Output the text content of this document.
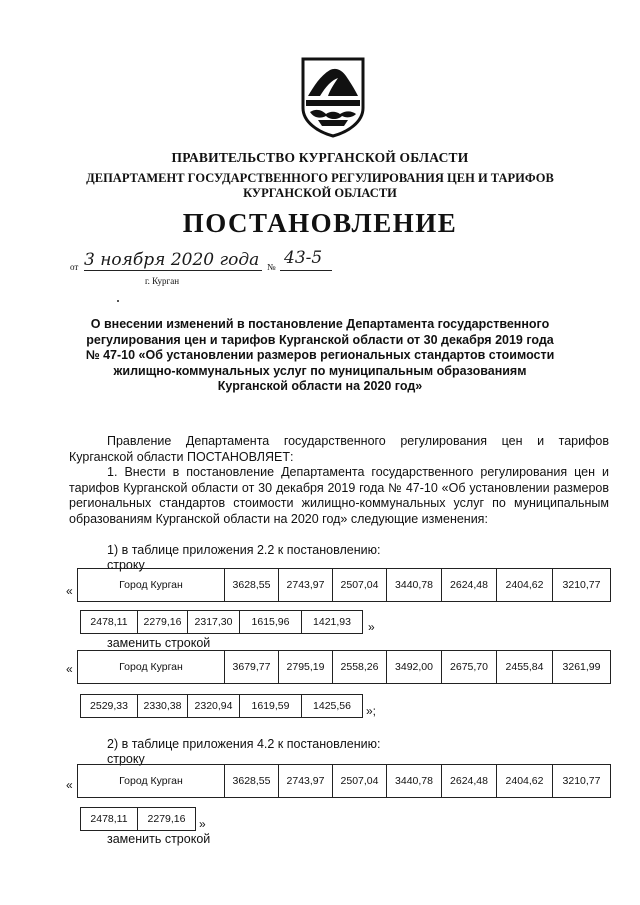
ПРАВИТЕЛЬСТВО КУРГАНСКОЙ ОБЛАСТИ
ДЕПАРТАМЕНТ ГОСУДАРСТВЕННОГО РЕГУЛИРОВАНИЯ ЦЕН И ТАРИФОВ
КУРГАНСКОЙ ОБЛАСТИ
ПОСТАНОВЛЕНИЕ
от 3 ноября 2020 года № 43-5
г. Курган
О внесении изменений в постановление Департамента государственного
регулирования цен и тарифов Курганской области от 30 декабря 2019 года
№ 47-10 «Об установлении размеров региональных стандартов стоимости
жилищно-коммунальных услуг по муниципальным образованиям
Курганской области на 2020 год»
Правление Департамента государственного регулирования цен и тарифов Курганской области ПОСТАНОВЛЯЕТ:
1. Внести в постановление Департамента государственного регулирования цен и тарифов Курганской области от 30 декабря 2019 года № 47-10 «Об установлении размеров региональных стандартов стоимости жилищно-коммунальных услуг по муниципальным образованиям Курганской области на 2020 год» следующие изменения:
1) в таблице приложения 2.2 к постановлению:
строку
«	Город Курган	3628,55	2743,97	2507,04	3440,78	2624,48	2404,62	3210,77
2478,11	2279,16	2317,30	1615,96	1421,93 »
заменить строкой
«	Город Курган	3679,77	2795,19	2558,26	3492,00	2675,70	2455,84	3261,99
2529,33	2330,38	2320,94	1619,59	1425,56 »;
2) в таблице приложения 4.2 к постановлению:
строку
«	Город Курган	3628,55	2743,97	2507,04	3440,78	2624,48	2404,62	3210,77
2478,11	2279,16 »
заменить строкой
